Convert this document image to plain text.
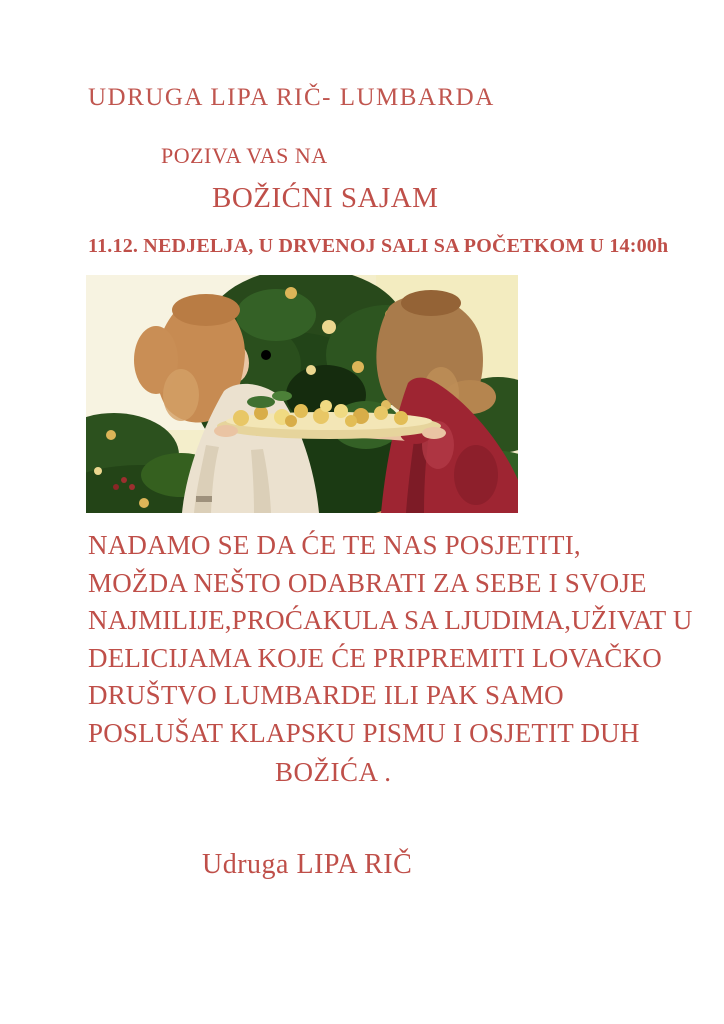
UDRUGA LIPA RIČ- LUMBARDA
POZIVA VAS NA
BOŽIĆNI SAJAM
11.12. NEDJELJA, U DRVENOJ SALI SA POČETKOM U 14:00h
NADAMO SE DA ĆE TE NAS POSJETITI,
MOŽDA NEŠTO ODABRATI ZA SEBE I SVOJE
NAJMILIJE,PROĆAKULA SA LJUDIMA,UŽIVAT U
DELICIJAMA KOJE ĆE PRIPREMITI LOVAČKO
DRUŠTVO LUMBARDE ILI PAK SAMO
POSLUŠAT KLAPSKU PISMU I OSJETIT DUH
BOŽIĆA .
Udruga LIPA RIČ
